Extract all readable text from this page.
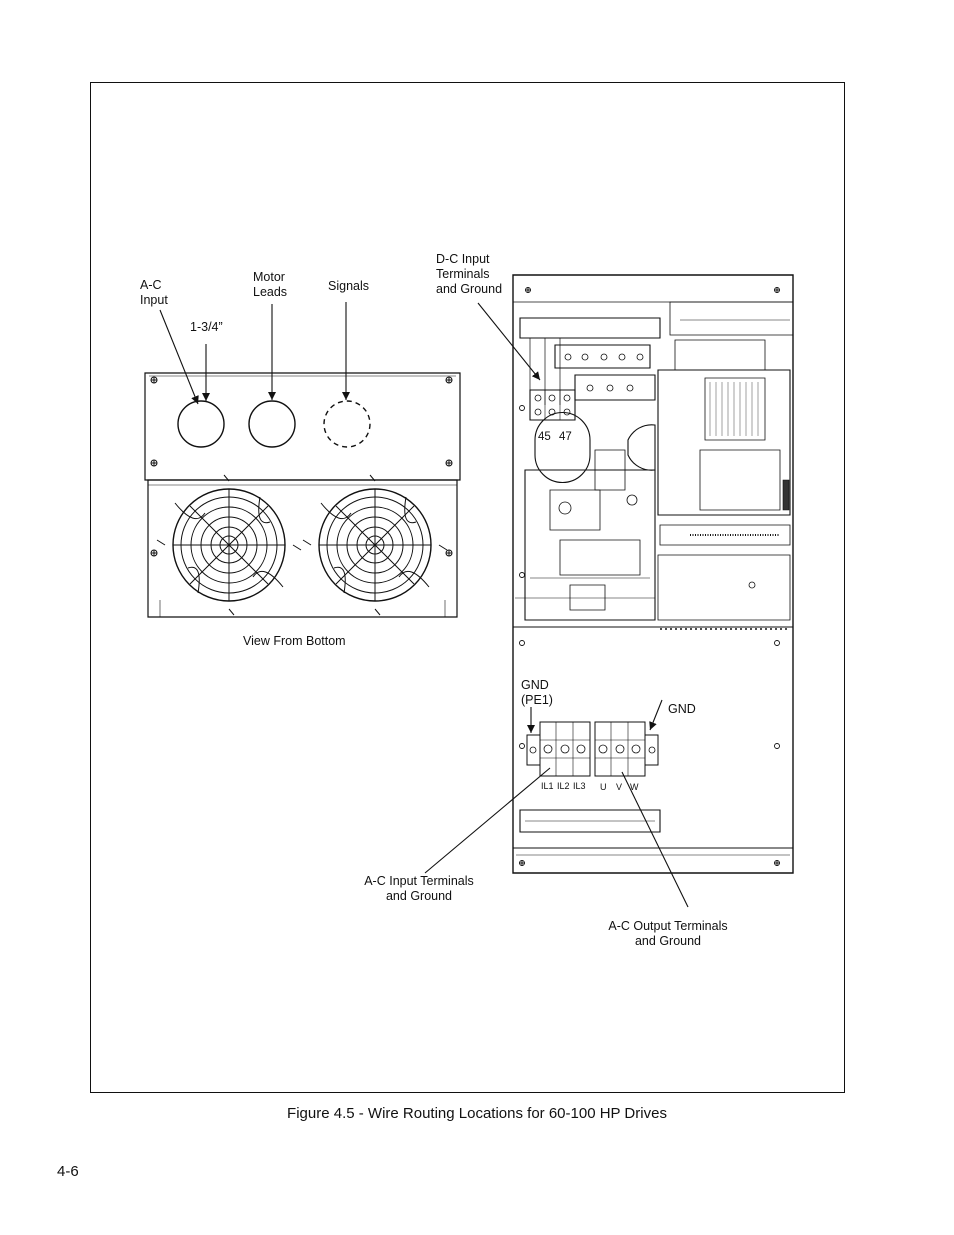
A-C
Input
Motor
Leads	Signals
1-3/4”
D-C Input
Terminals
and Ground
View From Bottom
GND
(PE1)
GND
A-C Input Terminals
and Ground
A-C Output Terminals
and Ground
45 47
IL1 IL2 IL3 U V W
Figure 4.5 - Wire Routing Locations for 60-100 HP Drives
4-6
